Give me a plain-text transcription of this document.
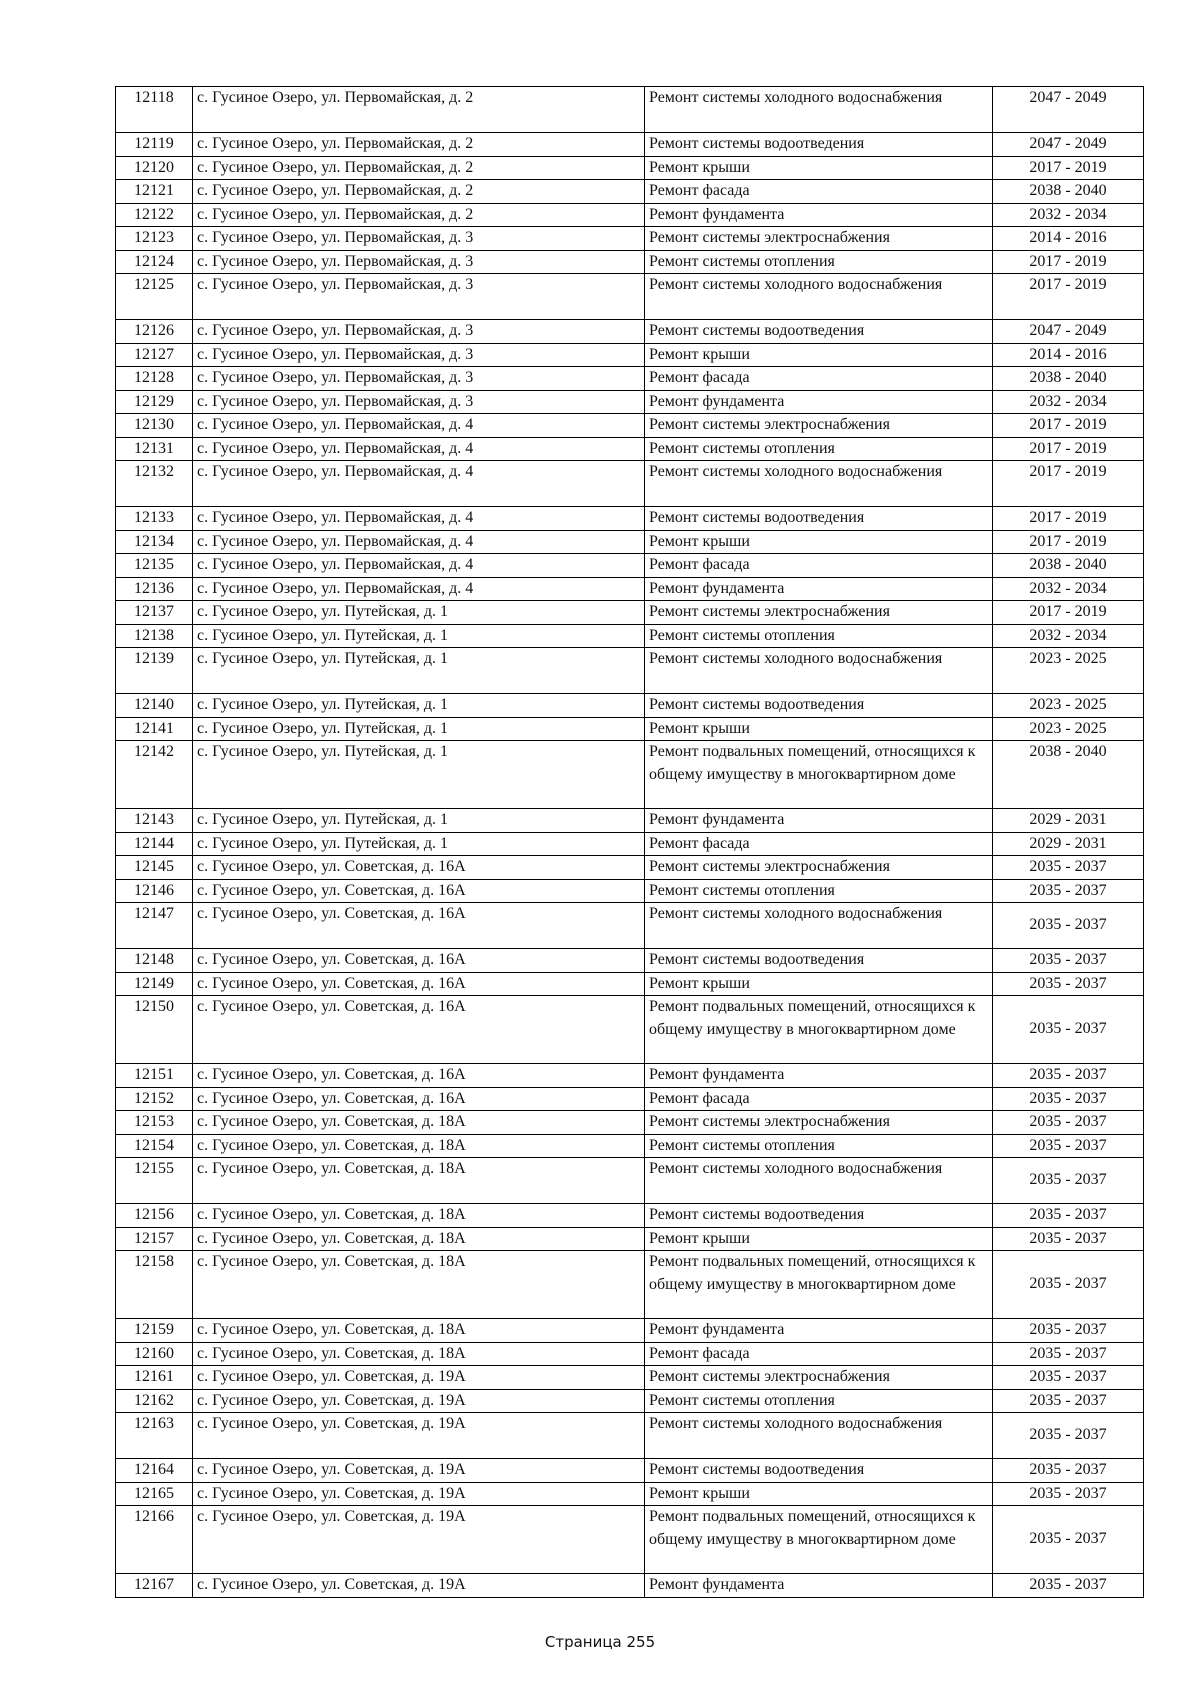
12118	с. Гусиное Озеро, ул. Первомайская, д. 2	Ремонт системы холодного водоснабжения	2047 - 2049
12119	с. Гусиное Озеро, ул. Первомайская, д. 2	Ремонт системы водоотведения	2047 - 2049
12120	с. Гусиное Озеро, ул. Первомайская, д. 2	Ремонт крыши	2017 - 2019
12121	с. Гусиное Озеро, ул. Первомайская, д. 2	Ремонт фасада	2038 - 2040
12122	с. Гусиное Озеро, ул. Первомайская, д. 2	Ремонт фундамента	2032 - 2034
12123	с. Гусиное Озеро, ул. Первомайская, д. 3	Ремонт системы электроснабжения	2014 - 2016
12124	с. Гусиное Озеро, ул. Первомайская, д. 3	Ремонт системы отопления	2017 - 2019
12125	с. Гусиное Озеро, ул. Первомайская, д. 3	Ремонт системы холодного водоснабжения	2017 - 2019
12126	с. Гусиное Озеро, ул. Первомайская, д. 3	Ремонт системы водоотведения	2047 - 2049
12127	с. Гусиное Озеро, ул. Первомайская, д. 3	Ремонт крыши	2014 - 2016
12128	с. Гусиное Озеро, ул. Первомайская, д. 3	Ремонт фасада	2038 - 2040
12129	с. Гусиное Озеро, ул. Первомайская, д. 3	Ремонт фундамента	2032 - 2034
12130	с. Гусиное Озеро, ул. Первомайская, д. 4	Ремонт системы электроснабжения	2017 - 2019
12131	с. Гусиное Озеро, ул. Первомайская, д. 4	Ремонт системы отопления	2017 - 2019
12132	с. Гусиное Озеро, ул. Первомайская, д. 4	Ремонт системы холодного водоснабжения	2017 - 2019
12133	с. Гусиное Озеро, ул. Первомайская, д. 4	Ремонт системы водоотведения	2017 - 2019
12134	с. Гусиное Озеро, ул. Первомайская, д. 4	Ремонт крыши	2017 - 2019
12135	с. Гусиное Озеро, ул. Первомайская, д. 4	Ремонт фасада	2038 - 2040
12136	с. Гусиное Озеро, ул. Первомайская, д. 4	Ремонт фундамента	2032 - 2034
12137	с. Гусиное Озеро, ул. Путейская, д. 1	Ремонт системы электроснабжения	2017 - 2019
12138	с. Гусиное Озеро, ул. Путейская, д. 1	Ремонт системы отопления	2032 - 2034
12139	с. Гусиное Озеро, ул. Путейская, д. 1	Ремонт системы холодного водоснабжения	2023 - 2025
12140	с. Гусиное Озеро, ул. Путейская, д. 1	Ремонт системы водоотведения	2023 - 2025
12141	с. Гусиное Озеро, ул. Путейская, д. 1	Ремонт крыши	2023 - 2025
12142	с. Гусиное Озеро, ул. Путейская, д. 1	Ремонт подвальных помещений, относящихся к общему имуществу в многоквартирном доме	2038 - 2040
12143	с. Гусиное Озеро, ул. Путейская, д. 1	Ремонт фундамента	2029 - 2031
12144	с. Гусиное Озеро, ул. Путейская, д. 1	Ремонт фасада	2029 - 2031
12145	с. Гусиное Озеро, ул. Советская, д. 16А	Ремонт системы электроснабжения	2035 - 2037
12146	с. Гусиное Озеро, ул. Советская, д. 16А	Ремонт системы отопления	2035 - 2037
12147	с. Гусиное Озеро, ул. Советская, д. 16А	Ремонт системы холодного водоснабжения	2035 - 2037
12148	с. Гусиное Озеро, ул. Советская, д. 16А	Ремонт системы водоотведения	2035 - 2037
12149	с. Гусиное Озеро, ул. Советская, д. 16А	Ремонт крыши	2035 - 2037
12150	с. Гусиное Озеро, ул. Советская, д. 16А	Ремонт подвальных помещений, относящихся к общему имуществу в многоквартирном доме	2035 - 2037
12151	с. Гусиное Озеро, ул. Советская, д. 16А	Ремонт фундамента	2035 - 2037
12152	с. Гусиное Озеро, ул. Советская, д. 16А	Ремонт фасада	2035 - 2037
12153	с. Гусиное Озеро, ул. Советская, д. 18А	Ремонт системы электроснабжения	2035 - 2037
12154	с. Гусиное Озеро, ул. Советская, д. 18А	Ремонт системы отопления	2035 - 2037
12155	с. Гусиное Озеро, ул. Советская, д. 18А	Ремонт системы холодного водоснабжения	2035 - 2037
12156	с. Гусиное Озеро, ул. Советская, д. 18А	Ремонт системы водоотведения	2035 - 2037
12157	с. Гусиное Озеро, ул. Советская, д. 18А	Ремонт крыши	2035 - 2037
12158	с. Гусиное Озеро, ул. Советская, д. 18А	Ремонт подвальных помещений, относящихся к общему имуществу в многоквартирном доме	2035 - 2037
12159	с. Гусиное Озеро, ул. Советская, д. 18А	Ремонт фундамента	2035 - 2037
12160	с. Гусиное Озеро, ул. Советская, д. 18А	Ремонт фасада	2035 - 2037
12161	с. Гусиное Озеро, ул. Советская, д. 19А	Ремонт системы электроснабжения	2035 - 2037
12162	с. Гусиное Озеро, ул. Советская, д. 19А	Ремонт системы отопления	2035 - 2037
12163	с. Гусиное Озеро, ул. Советская, д. 19А	Ремонт системы холодного водоснабжения	2035 - 2037
12164	с. Гусиное Озеро, ул. Советская, д. 19А	Ремонт системы водоотведения	2035 - 2037
12165	с. Гусиное Озеро, ул. Советская, д. 19А	Ремонт крыши	2035 - 2037
12166	с. Гусиное Озеро, ул. Советская, д. 19А	Ремонт подвальных помещений, относящихся к общему имуществу в многоквартирном доме	2035 - 2037
12167	с. Гусиное Озеро, ул. Советская, д. 19А	Ремонт фундамента	2035 - 2037
Страница 255
